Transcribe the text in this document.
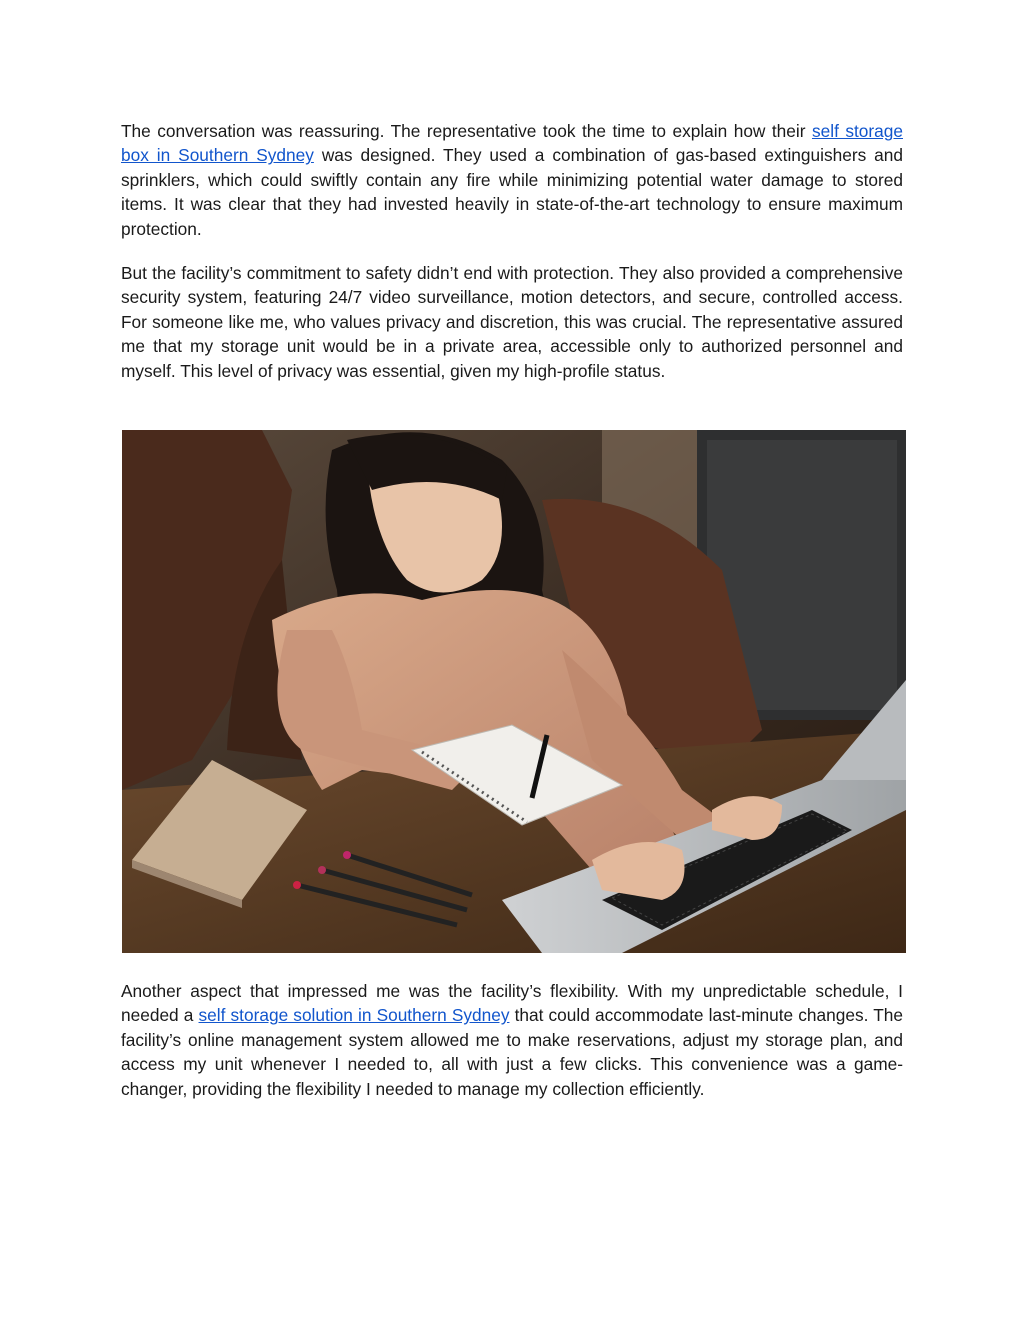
The conversation was reassuring. The representative took the time to explain how their self storage box in Southern Sydney was designed. They used a combination of gas-based extinguishers and sprinklers, which could swiftly contain any fire while minimizing potential water damage to stored items. It was clear that they had invested heavily in state-of-the-art technology to ensure maximum protection.

But the facility’s commitment to safety didn’t end with protection. They also provided a comprehensive security system, featuring 24/7 video surveillance, motion detectors, and secure, controlled access. For someone like me, who values privacy and discretion, this was crucial. The representative assured me that my storage unit would be in a private area, accessible only to authorized personnel and myself. This level of privacy was essential, given my high-profile status.

Another aspect that impressed me was the facility’s flexibility. With my unpredictable schedule, I needed a self storage solution in Southern Sydney that could accommodate last-minute changes. The facility’s online management system allowed me to make reservations, adjust my storage plan, and access my unit whenever I needed to, all with just a few clicks. This convenience was a game-changer, providing the flexibility I needed to manage my collection efficiently.
